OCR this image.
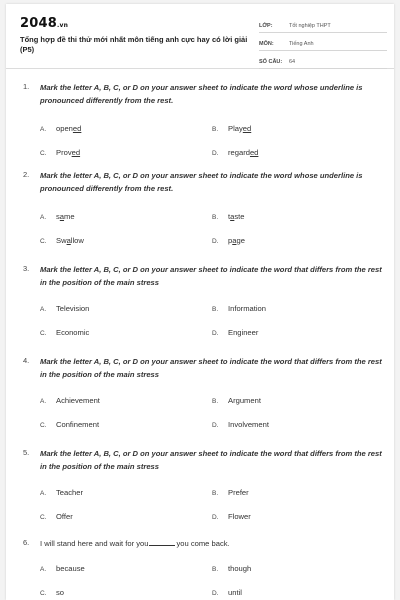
2048.vn
Tổng hợp đề thi thử mới nhất môn tiếng anh cực hay có lời giải (P5)
LỚP:	Tốt nghiệp THPT
MÔN:	Tiếng Anh
SỐ CÂU:	64
1. Mark the letter A, B, C, or D on your answer sheet to indicate the word whose underline is pronounced differently from the rest.
A. opened	B. Played
C. Proved	D. regarded
2. Mark the letter A, B, C, or D on your answer sheet to indicate the word whose underline is pronounced differently from the rest.
A. same	B. taste
C. Swallow	D. page
3. Mark the letter A, B, C, or D on your answer sheet to indicate the word that differs from the rest in the position of the main stress
A. Television	B. Information
C. Economic	D. Engineer
4. Mark the letter A, B, C, or D on your answer sheet to indicate the word that differs from the rest in the position of the main stress
A. Achievement	B. Argument
C. Confinement	D. Involvement
5. Mark the letter A, B, C, or D on your answer sheet to indicate the word that differs from the rest in the position of the main stress
A. Teacher	B. Prefer
C. Offer	D. Flower
6. I will stand here and wait for you	you come back.
A. because	B. though
C. so	D. until
